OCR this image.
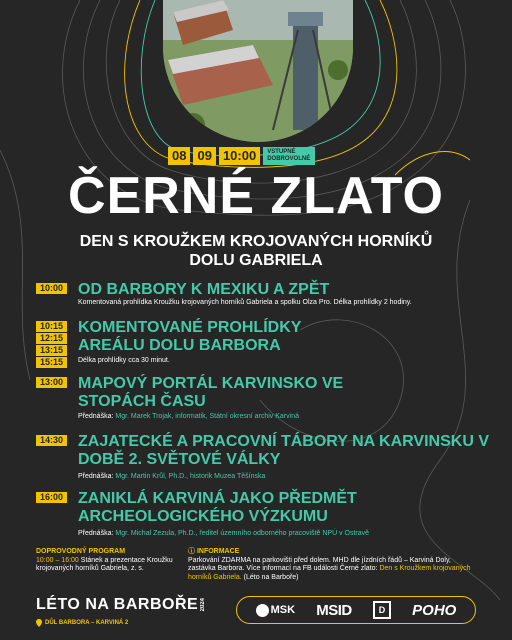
08 09 10:00	VSTUPNÉ DOBROVOLNÉ
ČERNÉ ZLATO
DEN S KROUŽKEM KROJOVANÝCH HORNÍKŮ DOLU GABRIELA
10:00 OD BARBORY K MEXIKU A ZPĚT
Komentovaná prohlídka Kroužku krojovaných horníků Gabriela a spolku Olza Pro. Délka prohlídky 2 hodiny.
10:15
12:15
13:15
15:15
KOMENTOVANÉ PROHLÍDKY AREÁLU DOLU BARBORA
Délka prohlídky cca 30 minut.
13:00 MAPOVÝ PORTÁL KARVINSKO VE STOPÁCH ČASU
Přednáška: Mgr. Marek Trojak, informatik, Státní okresní archiv Karviná
14:30 ZAJATECKÉ A PRACOVNÍ TÁBORY NA KARVINSKU V DOBĚ 2. SVĚTOVÉ VÁLKY
Přednáška: Mgr. Martin Krůl, Ph.D., historik Muzea Těšínska
16:00 ZANIKLÁ KARVINÁ JAKO PŘEDMĚT ARCHEOLOGICKÉHO VÝZKUMU
Přednáška: Mgr. Michal Zezula, Ph.D., ředitel územního odborného pracoviště NPÚ v Ostravě
DOPROVODNÝ PROGRAM
10:00 – 16:00 Stánek a prezentace Kroužku krojovaných horníků Gabriela, z. s.
ⓘ INFORMACE
Parkování ZDARMA na parkovišti před dolem. MHD dle jízdních řádů – Karviná Doly, zastávka Barbora. Více informací na FB události Černé zlato: Den s Kroužkem krojovaných horníků Gabriela. (Léto na Barboře)
LÉTO NA BARBOŘE 2024
DŮL BARBORA – KARVINÁ 2
MSK MSID	D	POHO
